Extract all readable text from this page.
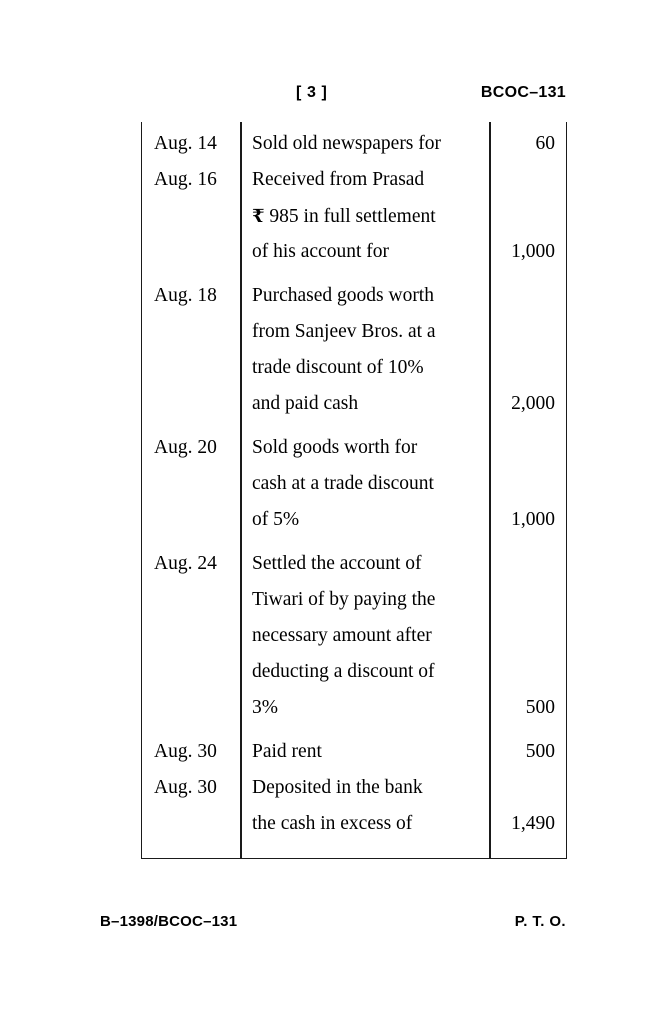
[ 3 ]	BCOC–131
Aug. 14	Sold old newspapers for	60
Aug. 16	Received from Prasad
₹ 985 in full settlement
of his account for	1,000
Aug. 18	Purchased goods worth
from Sanjeev Bros. at a
trade discount of 10%
and paid cash	2,000
Aug. 20	Sold goods worth for
cash at a trade discount
of 5%	1,000
Aug. 24	Settled the account of
Tiwari of by paying the
necessary amount after
deducting a discount of
3%	500
Aug. 30	Paid rent	500
Aug. 30	Deposited in the bank
the cash in excess of	1,490
B–1398/BCOC–131	P. T. O.
